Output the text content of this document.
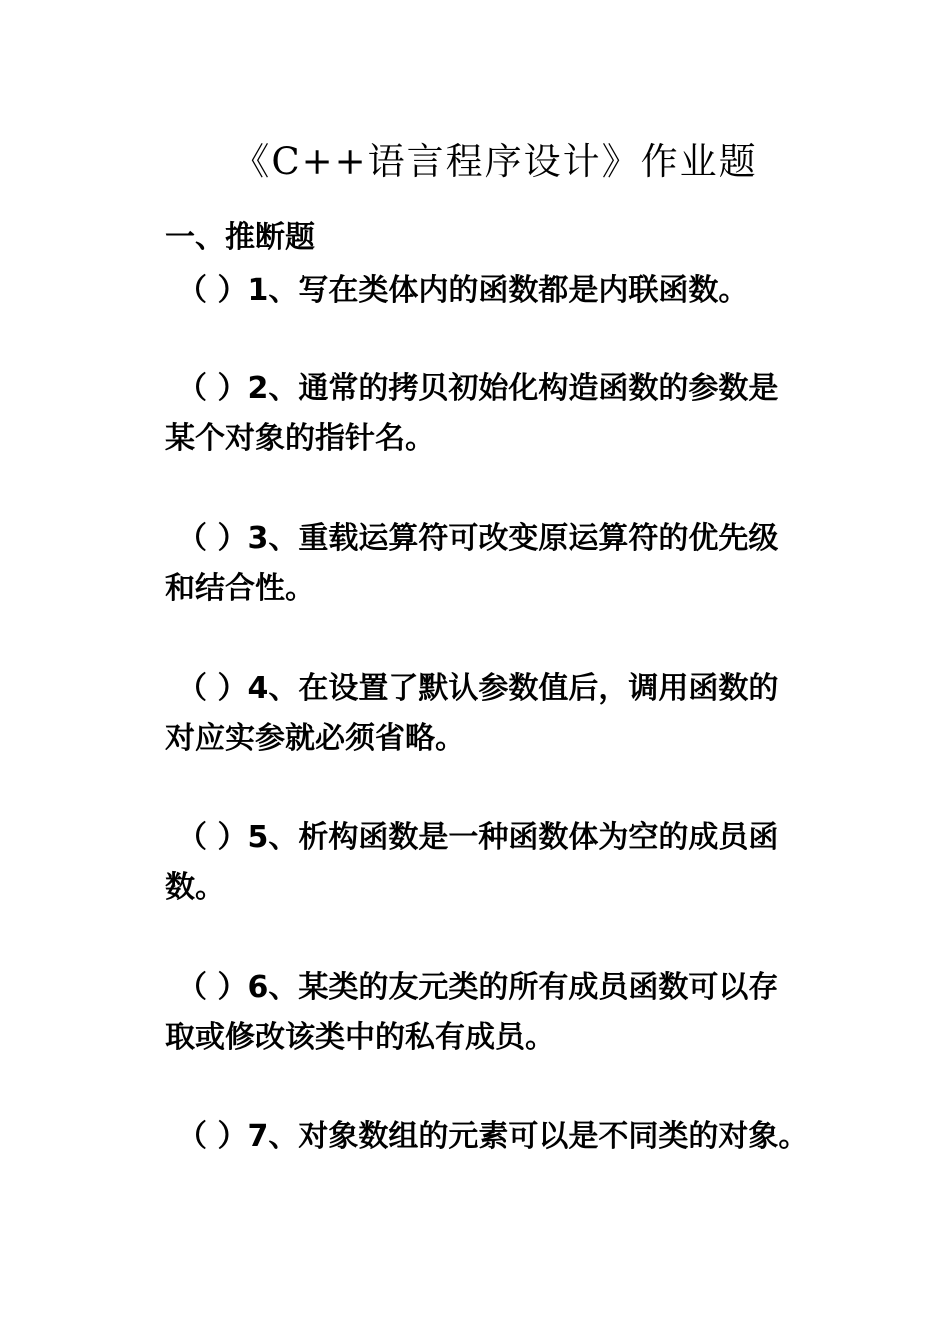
《C++语言程序设计》作业题
一、推断题
（ ）1、写在类体内的函数都是内联函数。
（ ）2、通常的拷贝初始化构造函数的参数是
某个对象的指针名。
（ ）3、重载运算符可改变原运算符的优先级
和结合性。
（ ）4、在设置了默认参数值后，调用函数的
对应实参就必须省略。
（ ）5、析构函数是一种函数体为空的成员函
数。
（ ）6、某类的友元类的所有成员函数可以存
取或修改该类中的私有成员。
（ ）7、对象数组的元素可以是不同类的对象。
